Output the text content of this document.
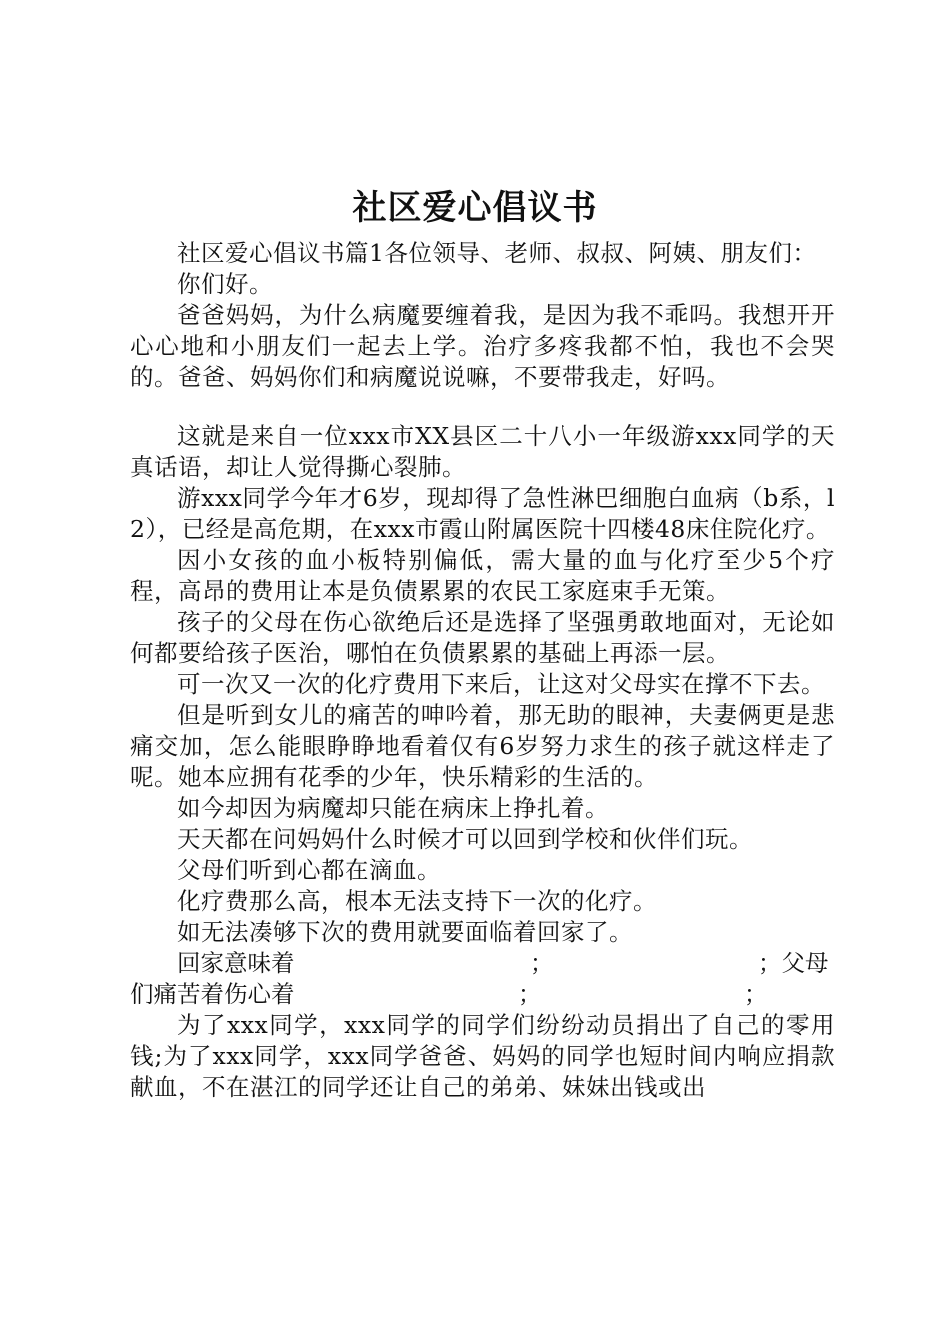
社区爱心倡议书

社区爱心倡议书篇1各位领导、老师、叔叔、阿姨、朋友们：

你们好。

爸爸妈妈，为什么病魔要缠着我，是因为我不乖吗。我想开开心心地和小朋友们一起去上学。治疗多疼我都不怕，我也不会哭的。爸爸、妈妈你们和病魔说说嘛，不要带我走，好吗。

这就是来自一位xxx市XX县区二十八小一年级游xxx同学的天真话语，却让人觉得撕心裂肺。

游xxx同学今年才6岁，现却得了急性淋巴细胞白血病（b系，l2），已经是高危期，在xxx市霞山附属医院十四楼48床住院化疗。

因小女孩的血小板特别偏低，需大量的血与化疗至少5个疗程，高昂的费用让本是负债累累的农民工家庭束手无策。

孩子的父母在伤心欲绝后还是选择了坚强勇敢地面对，无论如何都要给孩子医治，哪怕在负债累累的基础上再添一层。

可一次又一次的化疗费用下来后，让这对父母实在撑不下去。

但是听到女儿的痛苦的呻吟着，那无助的眼神，夫妻俩更是悲痛交加，怎么能眼睁睁地看着仅有6岁努力求生的孩子就这样走了呢。她本应拥有花季的少年，快乐精彩的生活的。

如今却因为病魔却只能在病床上挣扎着。

天天都在问妈妈什么时候才可以回到学校和伙伴们玩。

父母们听到心都在滴血。

化疗费那么高，根本无法支持下一次的化疗。

如无法凑够下次的费用就要面临着回家了。

回家意味着	；	；父母
们痛苦着伤心着	；	；

为了xxx同学，xxx同学的同学们纷纷动员捐出了自己的零用钱;为了xxx同学，xxx同学爸爸、妈妈的同学也短时间内响应捐款献血，不在湛江的同学还让自己的弟弟、妹妹出钱或出
